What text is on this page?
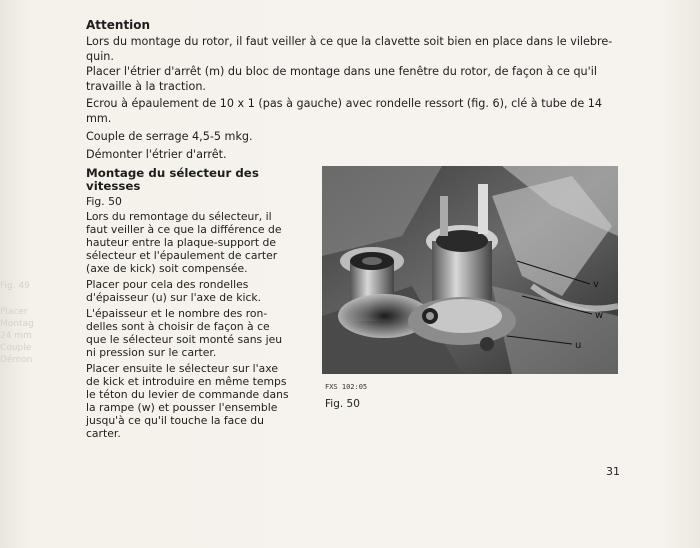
Fig. 49
Placer
Montag
24 mm
Couple
Démon
Attention

Lors du montage du rotor, il faut veiller à ce que la clavette soit bien en place dans le vilebre-

quin.

Placer l'étrier d'arrêt (m) du bloc de montage dans une fenêtre du rotor, de façon à ce qu'il

travaille à la traction.

Ecrou à épaulement de 10 x 1 (pas à gauche) avec rondelle ressort (fig. 6), clé à tube de 14 mm.

Couple de serrage 4,5-5 mkg.

Démonter l'étrier d'arrêt.

Montage du sélecteur des vitesses

Fig. 50

Lors du remontage du sélecteur, il

faut veiller à ce que la différence de

hauteur entre la plaque-support de

sélecteur et l'épaulement de carter

(axe de kick) soit compensée.

Placer pour cela des rondelles

d'épaisseur (u) sur l'axe de kick.

L'épaisseur et le nombre des ron-

delles sont à choisir de façon à ce

que le sélecteur soit monté sans jeu

ni pression sur le carter.

Placer ensuite le sélecteur sur l'axe

de kick et introduire en même temps

le téton du levier de commande dans

la rampe (w) et pousser l'ensemble

jusqu'à ce qu'il touche la face du

carter.

v
w
u
FXS 102:05
Fig. 50
31
